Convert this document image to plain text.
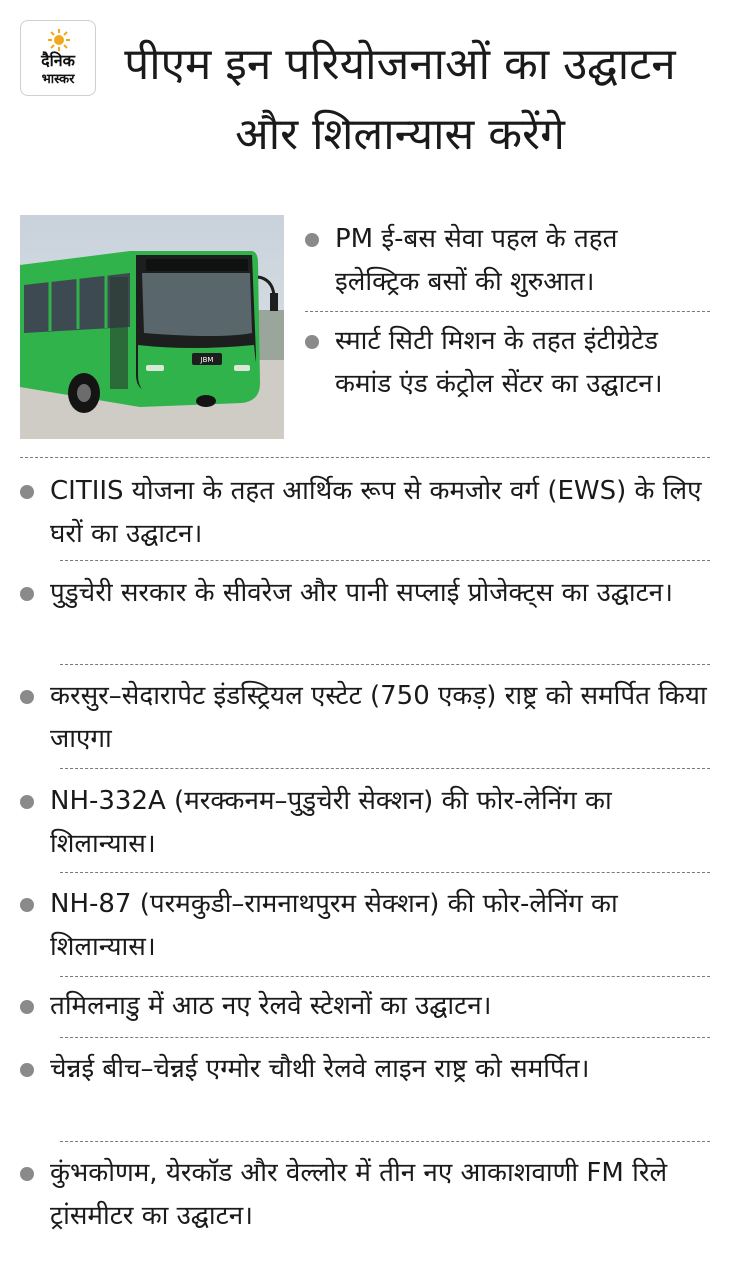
दैनिक
भास्कर	पीएम इन परियोजनाओं का उद्घाटन और शिलान्यास करेंगे
JBM
PM ई-बस सेवा पहल के तहत इलेक्ट्रिक बसों की शुरुआत।
स्मार्ट सिटी मिशन के तहत इंटीग्रेटेड कमांड एंड कंट्रोल सेंटर का उद्घाटन।
CITIIS योजना के तहत आर्थिक रूप से कमजोर वर्ग (EWS) के लिए घरों का उद्घाटन।
पुडुचेरी सरकार के सीवरेज और पानी सप्लाई प्रोजेक्ट्स का उद्घाटन।
करसुर–सेदारापेट इंडस्ट्रियल एस्टेट (750 एकड़) राष्ट्र को समर्पित किया जाएगा
NH-332A (मरक्कनम–पुडुचेरी सेक्शन) की फोर-लेनिंग का शिलान्यास।
NH-87 (परमकुडी–रामनाथपुरम सेक्शन) की फोर-लेनिंग का शिलान्यास।
तमिलनाडु में आठ नए रेलवे स्टेशनों का उद्घाटन।
चेन्नई बीच–चेन्नई एग्मोर चौथी रेलवे लाइन राष्ट्र को समर्पित।
कुंभकोणम, येरकॉड और वेल्लोर में तीन नए आकाशवाणी FM रिले ट्रांसमीटर का उद्घाटन।
